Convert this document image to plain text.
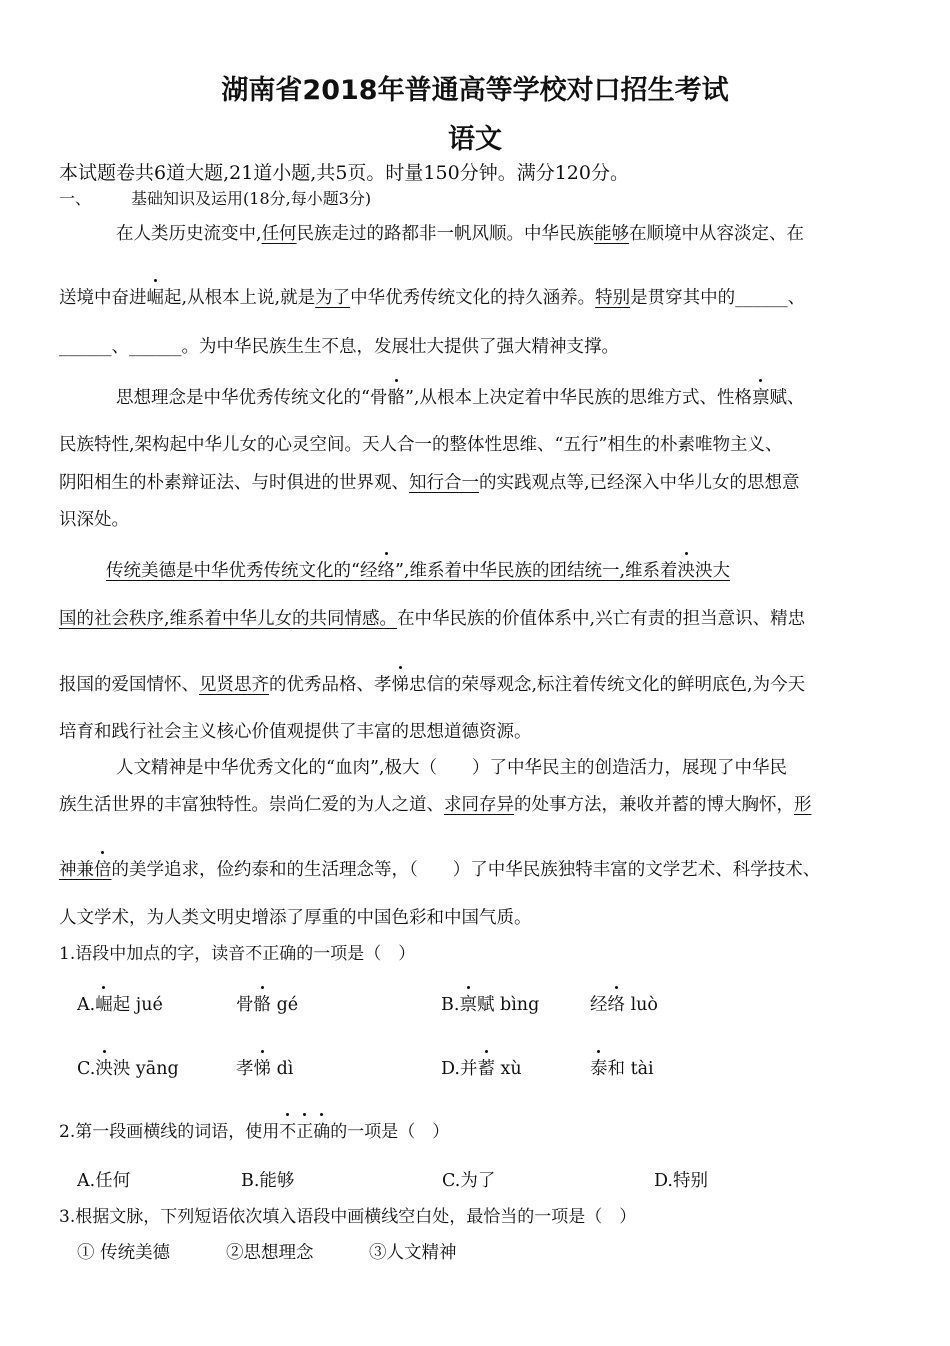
湖南省2018年普通高等学校对口招生考试
语文
本试题卷共6道大题,21道小题,共5页。时量150分钟。满分120分。
一、	基础知识及运用(18分,每小题3分)
在人类历史流变中,任何民族走过的路都非一帆风顺。中华民族能够在顺境中从容淡定、在
送境中奋进崛起,从根本上说,就是为了中华优秀传统文化的持久涵养。特别是贯穿其中的______、
______、______。为中华民族生生不息，发展壮大提供了强大精神支撑。
思想理念是中华优秀传统文化的“骨骼”,从根本上决定着中华民族的思维方式、性格禀赋、
民族特性,架构起中华儿女的心灵空间。天人合一的整体性思维、“五行”相生的朴素唯物主义、
阴阳相生的朴素辩证法、与时俱进的世界观、知行合一的实践观点等,已经深入中华儿女的思想意
识深处。
传统美德是中华优秀传统文化的“经络”,维系着中华民族的团结统一,维系着泱泱大
国的社会秩序,维系着中华儿女的共同情感。在中华民族的价值体系中,兴亡有责的担当意识、精忠
报国的爱国情怀、见贤思齐的优秀品格、孝悌忠信的荣辱观念,标注着传统文化的鲜明底色,为今天
培育和践行社会主义核心价值观提供了丰富的思想道德资源。
人文精神是中华优秀文化的“血肉”,极大（　　）了中华民主的创造活力，展现了中华民
族生活世界的丰富独特性。崇尚仁爱的为人之道、求同存异的处事方法，兼收并蓄的博大胸怀，形
神兼倍的美学追求，俭约泰和的生活理念等，（　　）了中华民族独特丰富的文学艺术、科学技术、
人文学术，为人类文明史增添了厚重的中国色彩和中国气质。
1.语段中加点的字，读音不正确的一项是（　）
A.崛起 jué	骨骼 gé	B.禀赋 bìng	经络 luò
C.泱泱 yāng	孝悌 dì	D.并蓄 xù	泰和 tài
2.第一段画横线的词语，使用不正确的一项是（　）
A.任何	B.能够	C.为了	D.特别
3.根据文脉，下列短语依次填入语段中画横线空白处，最恰当的一项是（　）
① 传统美德	②思想理念	③人文精神
